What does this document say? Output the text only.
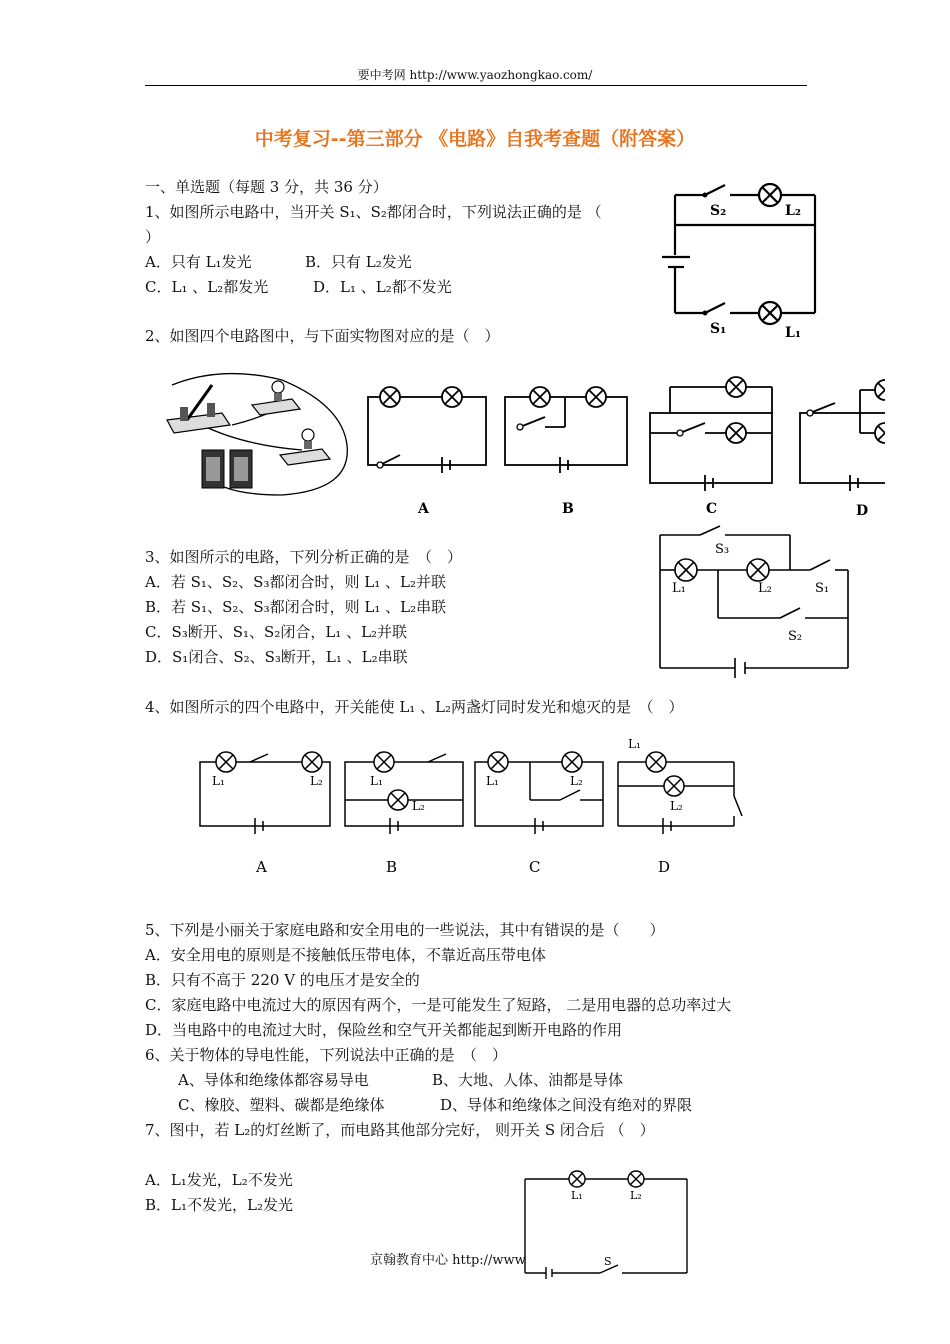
要中考网 http://www.yaozhongkao.com/
中考复习--第三部分 《电路》自我考查题（附答案）
一、单选题（每题 3 分，共 36 分）
1、如图所示电路中，当开关 S₁、S₂都闭合时，下列说法正确的是 （
）
A．只有 L₁发光	B．只有 L₂发光
C．L₁ 、L₂都发光	D．L₁ 、L₂都不发光
S₂	L₂
S₁	L₁
2、如图四个电路图中，与下面实物图对应的是（　）
A	B	C	D
3、如图所示的电路，下列分析正确的是　（　）
A．若 S₁、S₂、S₃都闭合时，则 L₁ 、L₂并联
B．若 S₁、S₂、S₃都闭合时，则 L₁ 、L₂串联
C．S₃断开、S₁、S₂闭合，L₁ 、L₂并联
D．S₁闭合、S₂、S₃断开，L₁ 、L₂串联
S₃
L₁	L₂	S₁
S₂
4、如图所示的四个电路中，开关能使 L₁ 、L₂两盏灯同时发光和熄灭的是　（　）
L₁	L₂	L₁
L₂
L₁	L₂
L₁
L₂
A	B	C	D
5、下列是小丽关于家庭电路和安全用电的一些说法，其中有错误的是（　　）
A．安全用电的原则是不接触低压带电体，不靠近高压带电体
B．只有不高于 220 V 的电压才是安全的
C．家庭电路中电流过大的原因有两个，一是可能发生了短路， 二是用电器的总功率过大
D．当电路中的电流过大时，保险丝和空气开关都能起到断开电路的作用
6、关于物体的导电性能，下列说法中正确的是　（　）
A、导体和绝缘体都容易导电	B、大地、人体、油都是导体
C、橡胶、塑料、碳都是绝缘体	D、导体和绝缘体之间没有绝对的界限
7、图中，若 L₂的灯丝断了，而电路其他部分完好， 则开关 S 闭合后 （　）
A．L₁发光，L₂不发光
B．L₁不发光，L₂发光
L₁	L₂
S
京翰教育中心 http://www
